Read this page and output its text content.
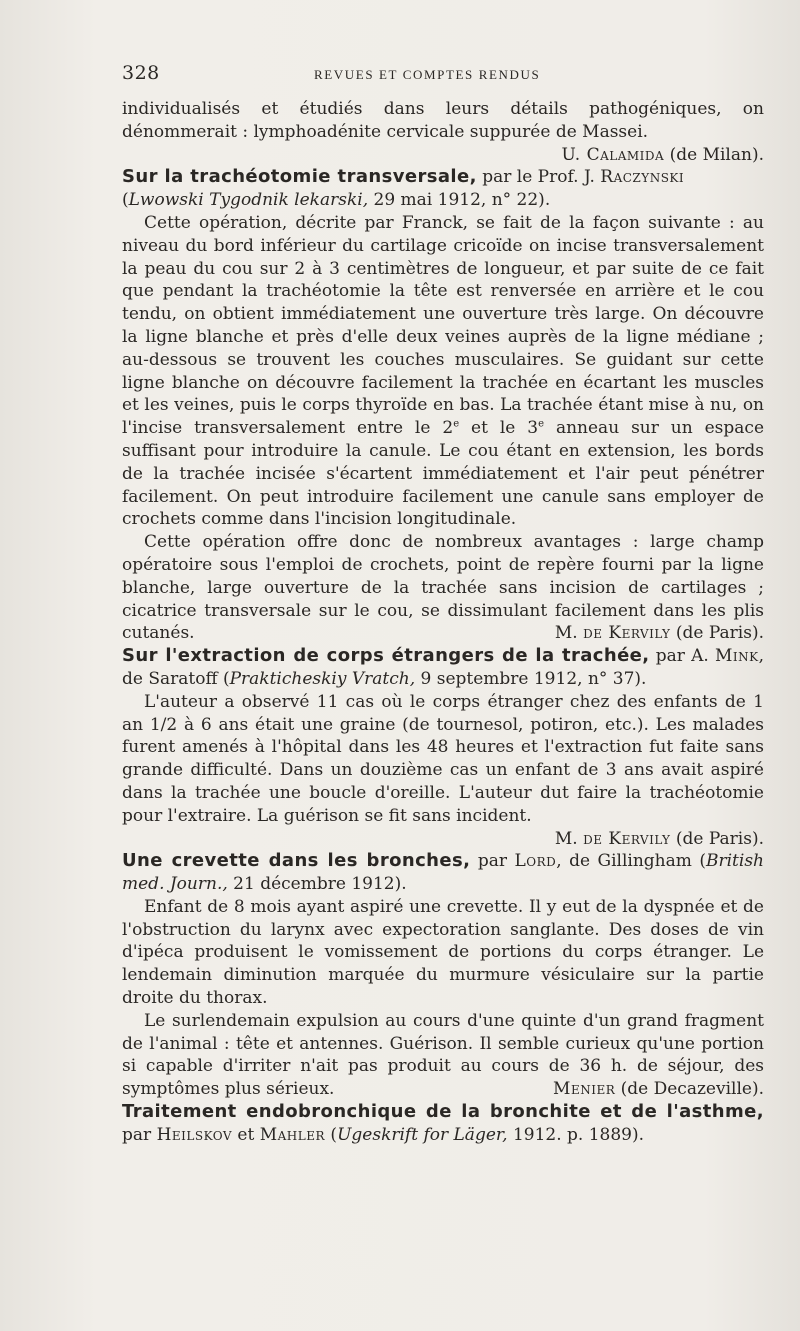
328	REVUES ET COMPTES RENDUS

individualisés et étudiés dans leurs détails pathogéniques, on dénommerait : lymphoadénite cervicale suppurée de Massei.

U. Calamida (de Milan).

Sur la trachéotomie transversale, par le Prof. J. Raczynski
(Lwowski Tygodnik lekarski, 29 mai 1912, n° 22).

Cette opération, décrite par Franck, se fait de la façon suivante : au niveau du bord inférieur du cartilage cricoïde on incise transversalement la peau du cou sur 2 à 3 centimètres de longueur, et par suite de ce fait que pendant la trachéotomie la tête est renversée en arrière et le cou tendu, on obtient immédiatement une ouverture très large. On découvre la ligne blanche et près d'elle deux veines auprès de la ligne médiane ; au-dessous se trouvent les couches musculaires. Se guidant sur cette ligne blanche on découvre facilement la trachée en écartant les muscles et les veines, puis le corps thyroïde en bas. La trachée étant mise à nu, on l'incise transversalement entre le 2e et le 3e anneau sur un espace suffisant pour introduire la canule. Le cou étant en extension, les bords de la trachée incisée s'écartent immédiatement et l'air peut pénétrer facilement. On peut introduire facilement une canule sans employer de crochets comme dans l'incision longitudinale.

Cette opération offre donc de nombreux avantages : large champ opératoire sous l'emploi de crochets, point de repère fourni par la ligne blanche, large ouverture de la trachée sans incision de cartilages ; cicatrice transversale sur le cou, se dissimulant facilement dans les plis cutanés.	M. de Kervily (de Paris).

Sur l'extraction de corps étrangers de la trachée, par A. Mink, de Saratoff (Prakticheskiy Vratch, 9 septembre 1912, n° 37).

L'auteur a observé 11 cas où le corps étranger chez des enfants de 1 an 1/2 à 6 ans était une graine (de tournesol, potiron, etc.). Les malades furent amenés à l'hôpital dans les 48 heures et l'extraction fut faite sans grande difficulté. Dans un douzième cas un enfant de 3 ans avait aspiré dans la trachée une boucle d'oreille. L'auteur dut faire la trachéotomie pour l'extraire. La guérison se fit sans incident.

M. de Kervily (de Paris).

Une crevette dans les bronches, par Lord, de Gillingham (British med. Journ., 21 décembre 1912).

Enfant de 8 mois ayant aspiré une crevette. Il y eut de la dyspnée et de l'obstruction du larynx avec expectoration sanglante. Des doses de vin d'ipéca produisent le vomissement de portions du corps étranger. Le lendemain diminution marquée du murmure vésiculaire sur la partie droite du thorax.

Le surlendemain expulsion au cours d'une quinte d'un grand fragment de l'animal : tête et antennes. Guérison. Il semble curieux qu'une portion si capable d'irriter n'ait pas produit au cours de 36 h. de séjour, des symptômes plus sérieux.	Menier (de Decazeville).

Traitement endobronchique de la bronchite et de l'asthme, par Heilskov et Mahler (Ugeskrift for Läger, 1912. p. 1889).
